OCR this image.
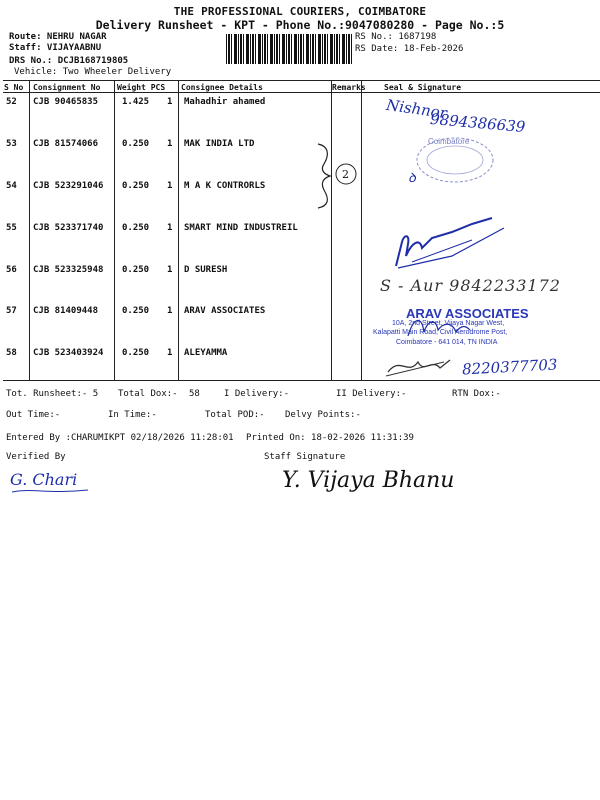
THE PROFESSIONAL COURIERS, COIMBATORE
Delivery Runsheet - KPT - Phone No.:9047080280 - Page No.:5
Route: NEHRU NAGAR
Staff: VIJAYAABNU
DRS No.: DCJB168719805
Vehicle: Two Wheeler Delivery
RS No.: 1687198
RS Date: 18-Feb-2026
S No Consignment No Weight PCS Consignee Details	Remarks Seal & Signature
52 CJB 90465835	1.425 1 Mahadhir ahamed
53 CJB 81574066	0.250 1 MAK INDIA LTD
54 CJB 523291046 0.250 1 M A K CONTRORLS
55 CJB 523371740 0.250 1 SMART MIND INDUSTREIL
56 CJB 523325948 0.250 1 D SURESH
57 CJB 81409448	0.250 1 ARAV ASSOCIATES
58 CJB 523403924 0.250 1 ALEYAMMA
Nishnor
9894386639
Coimbatore
ꝺ
2
S - Aur 9842233172
ARAV ASSOCIATES
10A, 2nd Street, Vijaya Nagar West,
Kalapatti Main Road, Civil Aerodrome Post,
Coimbatore - 641 014, TN INDIA
8220377703
Tot. Runsheet:- 5 Total Dox:- 58	I Delivery:-	II Delivery:-	RTN Dox:-
Out Time:-	In Time:-	Total POD:- Delvy Points:-
Entered By :CHARUMIKPT 02/18/2026 11:28:01 Printed On: 18-02-2026 11:31:39
Verified By	Staff Signature
G. Chari	Y. Vijaya Bhanu
